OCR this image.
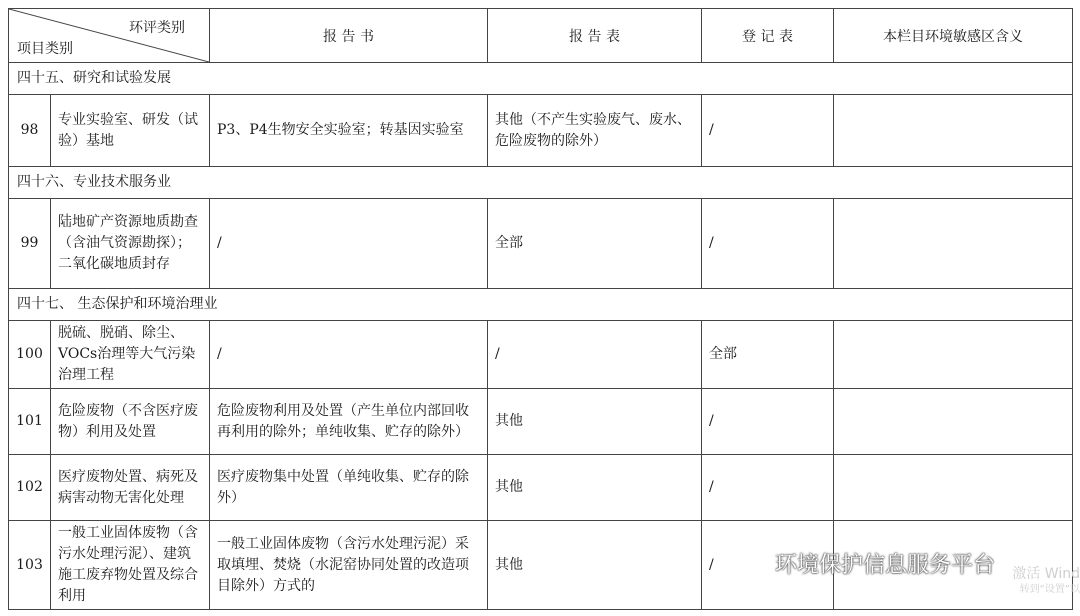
环评类别
项目类别		报 告 书	报 告 表	登 记 表	本栏目环境敏感区含义
四十五、研究和试验发展					
98	专业实验室、研发（试验）基地	P3、P4生物安全实验室；转基因实验室	其他（不产生实验废气、废水、危险废物的除外）	/	
四十六、专业技术服务业					
99	陆地矿产资源地质勘查（含油气资源勘探）；二氧化碳地质封存	/	全部	/	
四十七、 生态保护和环境治理业					
100	脱硫、脱硝、除尘、VOCs治理等大气污染治理工程	/	/	全部	
101	危险废物（不含医疗废物）利用及处置	危险废物利用及处置（产生单位内部回收再利用的除外；单纯收集、贮存的除外）	其他	/	
102	医疗废物处置、病死及病害动物无害化处理	医疗废物集中处置（单纯收集、贮存的除外）	其他	/	
103	一般工业固体废物（含污水处理污泥）、建筑施工废弃物处置及综合利用	一般工业固体废物（含污水处理污泥）采取填埋、焚烧（水泥窑协同处置的改造项目除外）方式的	其他	/		环境保护信息服务平台 激活 Wind
转到“设置”以
